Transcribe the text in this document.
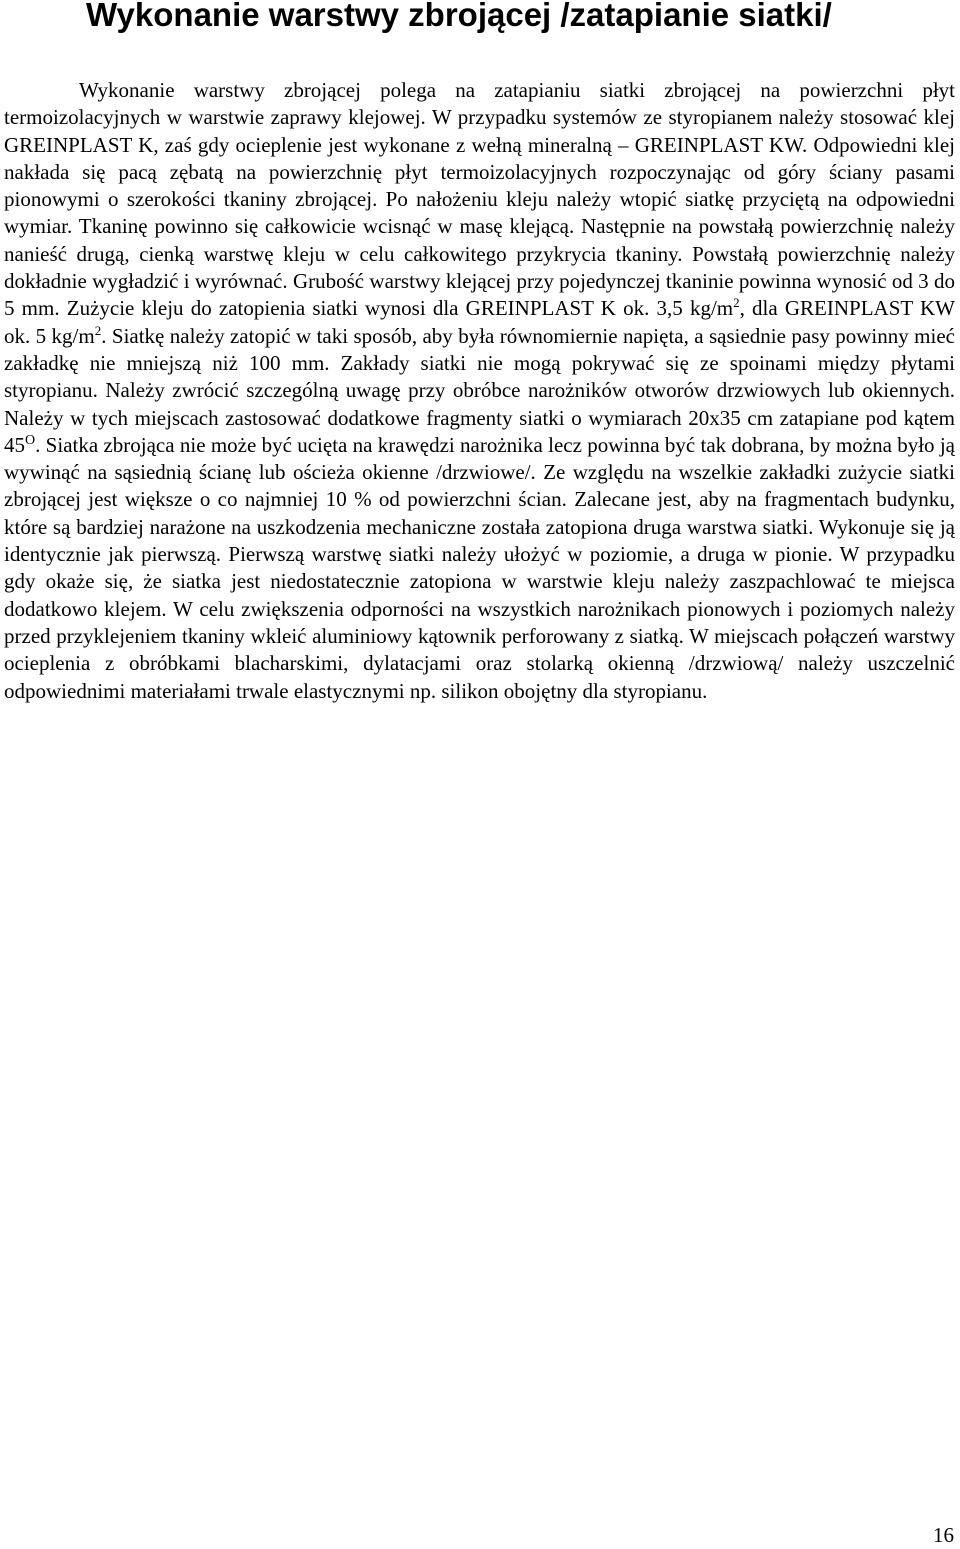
Wykonanie warstwy zbrojącej /zatapianie siatki/

Wykonanie warstwy zbrojącej polega na zatapianiu siatki zbrojącej na powierzchni płyt termoizolacyjnych w warstwie zaprawy klejowej. W przypadku systemów ze styropianem należy stosować klej GREINPLAST K, zaś gdy ocieplenie jest wykonane z wełną mineralną – GREINPLAST KW. Odpowiedni klej nakłada się pacą zębatą na powierzchnię płyt termoizolacyjnych rozpoczynając od góry ściany pasami pionowymi o szerokości tkaniny zbrojącej. Po nałożeniu kleju należy wtopić siatkę przyciętą na odpowiedni wymiar. Tkaninę powinno się całkowicie wcisnąć w masę klejącą. Następnie na powstałą powierzchnię należy nanieść drugą, cienką warstwę kleju w celu całkowitego przykrycia tkaniny. Powstałą powierzchnię należy dokładnie wygładzić i wyrównać. Grubość warstwy klejącej przy pojedynczej tkaninie powinna wynosić od 3 do 5 mm. Zużycie kleju do zatopienia siatki wynosi dla GREINPLAST K ok. 3,5 $kg/m^2$, dla GREINPLAST KW ok. 5 $kg/m^2$. Siatkę należy zatopić w taki sposób, aby była równomiernie napięta, a sąsiednie pasy powinny mieć zakładkę nie mniejszą niż 100 mm. Zakłady siatki nie mogą pokrywać się ze spoinami między płytami styropianu. Należy zwrócić szczególną uwagę przy obróbce narożników otworów drzwiowych lub okiennych. Należy w tych miejscach zastosować dodatkowe fragmenty siatki o wymiarach 20x35 cm zatapiane pod kątem $45^O$. Siatka zbrojąca nie może być ucięta na krawędzi narożnika lecz powinna być tak dobrana, by można było ją wywinąć na sąsiednią ścianę lub ościeża okienne /drzwiowe/. Ze względu na wszelkie zakładki zużycie siatki zbrojącej jest większe o co najmniej 10 % od powierzchni ścian. Zalecane jest, aby na fragmentach budynku, które są bardziej narażone na uszkodzenia mechaniczne została zatopiona druga warstwa siatki. Wykonuje się ją identycznie jak pierwszą. Pierwszą warstwę siatki należy ułożyć w poziomie, a druga w pionie. W przypadku gdy okaże się, że siatka jest niedostatecznie zatopiona w warstwie kleju należy zaszpachlować te miejsca dodatkowo klejem. W celu zwiększenia odporności na wszystkich narożnikach pionowych i poziomych należy przed przyklejeniem tkaniny wkleić aluminiowy kątownik perforowany z siatką. W miejscach połączeń warstwy ocieplenia z obróbkami blacharskimi, dylatacjami oraz stolarką okienną /drzwiową/ należy uszczelnić odpowiednimi materiałami trwale elastycznymi np. silikon obojętny dla styropianu.

16
